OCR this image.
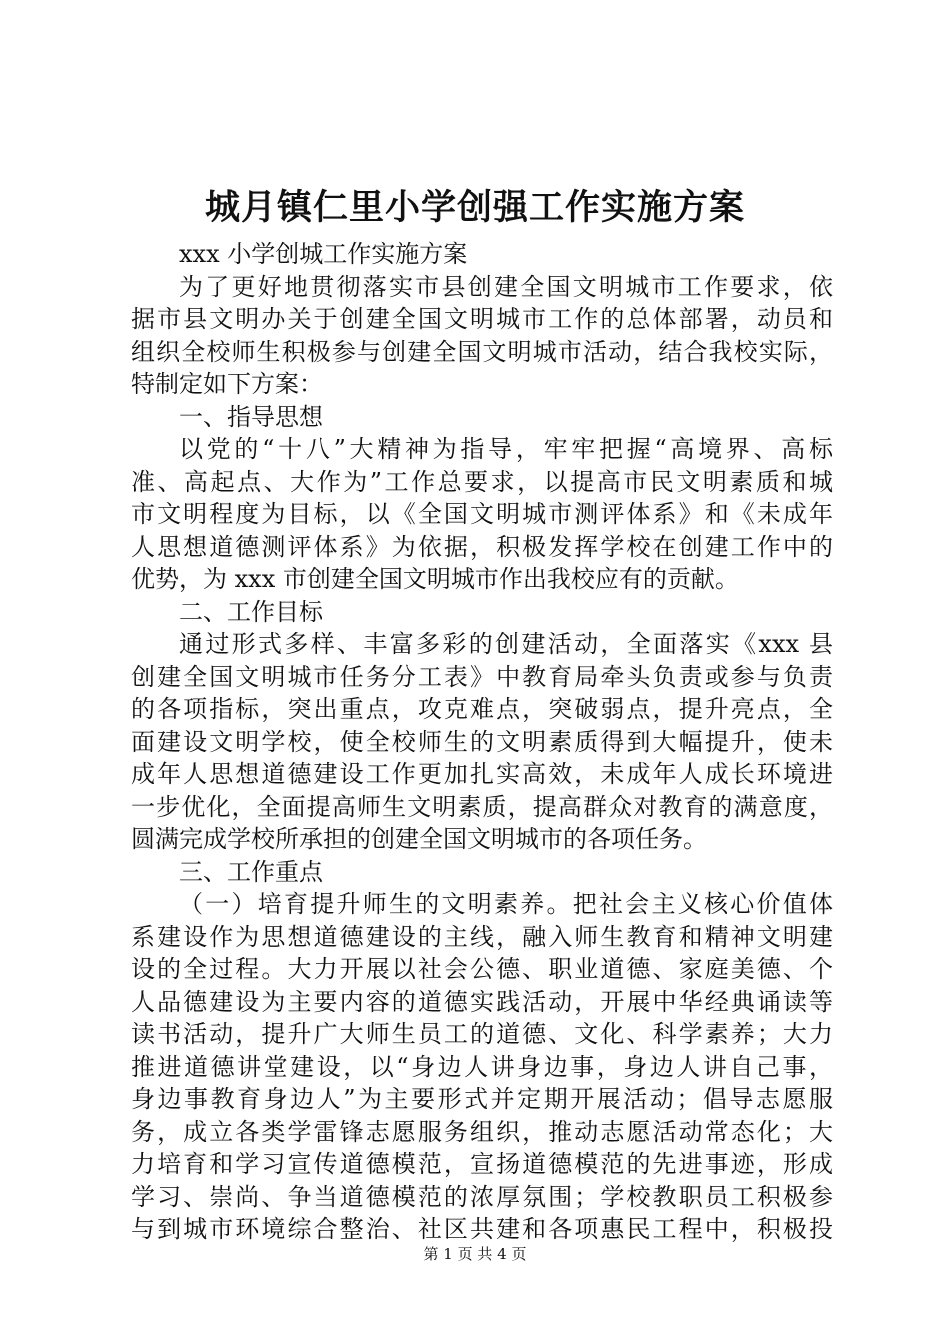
城月镇仁里小学创强工作实施方案
xxx 小学创城工作实施方案
为了更好地贯彻落实市县创建全国文明城市工作要求，依
据市县文明办关于创建全国文明城市工作的总体部署，动员和
组织全校师生积极参与创建全国文明城市活动，结合我校实际，
特制定如下方案：
一、指导思想
以党的“十八”大精神为指导，牢牢把握“高境界、高标
准、高起点、大作为”工作总要求，以提高市民文明素质和城
市文明程度为目标，以《全国文明城市测评体系》和《未成年
人思想道德测评体系》为依据，积极发挥学校在创建工作中的
优势，为 xxx 市创建全国文明城市作出我校应有的贡献。
二、工作目标
通过形式多样、丰富多彩的创建活动，全面落实《xxx 县
创建全国文明城市任务分工表》中教育局牵头负责或参与负责
的各项指标，突出重点，攻克难点，突破弱点，提升亮点，全
面建设文明学校，使全校师生的文明素质得到大幅提升，使未
成年人思想道德建设工作更加扎实高效，未成年人成长环境进
一步优化，全面提高师生文明素质，提高群众对教育的满意度，
圆满完成学校所承担的创建全国文明城市的各项任务。
三、工作重点
（一）培育提升师生的文明素养。把社会主义核心价值体
系建设作为思想道德建设的主线，融入师生教育和精神文明建
设的全过程。大力开展以社会公德、职业道德、家庭美德、个
人品德建设为主要内容的道德实践活动，开展中华经典诵读等
读书活动，提升广大师生员工的道德、文化、科学素养；大力
推进道德讲堂建设，以“身边人讲身边事，身边人讲自己事，
身边事教育身边人”为主要形式并定期开展活动；倡导志愿服
务，成立各类学雷锋志愿服务组织，推动志愿活动常态化；大
力培育和学习宣传道德模范，宣扬道德模范的先进事迹，形成
学习、崇尚、争当道德模范的浓厚氛围；学校教职员工积极参
与到城市环境综合整治、社区共建和各项惠民工程中，积极投
第 1 页 共 4 页
